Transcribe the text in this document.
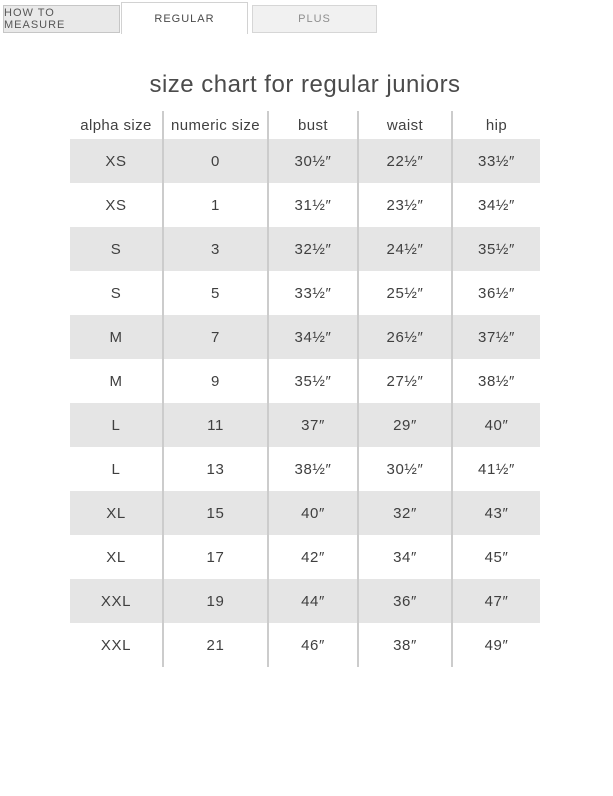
HOW TO MEASURE
REGULAR	PLUS
size chart for regular juniors
alpha size	numeric size	bust	waist	hip
XS	0	30½″	22½″	33½″
XS	1	31½″	23½″	34½″
S	3	32½″	24½″	35½″
S	5	33½″	25½″	36½″
M	7	34½″	26½″	37½″
M	9	35½″	27½″	38½″
L	11	37″	29″	40″
L	13	38½″	30½″	41½″
XL	15	40″	32″	43″
XL	17	42″	34″	45″
XXL	19	44″	36″	47″
XXL	21	46″	38″	49″
